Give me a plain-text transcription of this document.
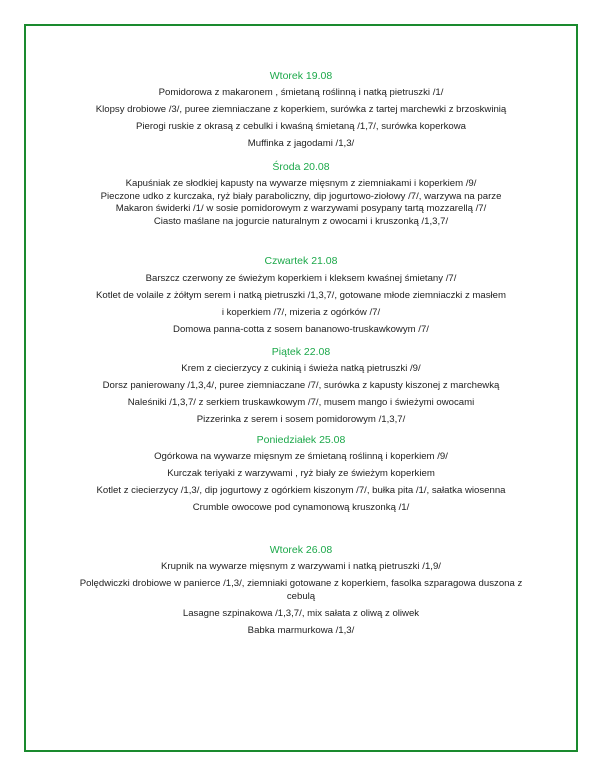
Wtorek 19.08
Pomidorowa z makaronem , śmietaną roślinną i natką pietruszki /1/
Klopsy drobiowe /3/, puree ziemniaczane z koperkiem, surówka z tartej marchewki z brzoskwinią
Pierogi ruskie z okrasą z cebulki i kwaśną śmietaną /1,7/, surówka koperkowa
Muffinka z jagodami /1,3/
Środa 20.08
Kapuśniak ze słodkiej kapusty na wywarze mięsnym z ziemniakami i koperkiem /9/
Pieczone udko z kurczaka, ryż biały paraboliczny, dip jogurtowo-ziołowy /7/, warzywa na parze
Makaron świderki /1/ w sosie pomidorowym z warzywami posypany tartą mozzarellą /7/
Ciasto maślane na jogurcie naturalnym z owocami i kruszonką /1,3,7/
Czwartek 21.08
Barszcz czerwony ze świeżym koperkiem i kleksem kwaśnej śmietany /7/
Kotlet de volaile z żółtym serem i natką pietruszki /1,3,7/, gotowane młode ziemniaczki z masłem
i koperkiem /7/, mizeria z ogórków /7/
Domowa panna-cotta z sosem bananowo-truskawkowym /7/
Piątek 22.08
Krem z ciecierzycy z cukinią i świeża natką pietruszki /9/
Dorsz panierowany /1,3,4/, puree ziemniaczane /7/, surówka z kapusty kiszonej z marchewką
Naleśniki /1,3,7/ z serkiem truskawkowym /7/, musem mango i świeżymi owocami
Pizzerinka z serem i sosem pomidorowym /1,3,7/
Poniedziałek 25.08
Ogórkowa na wywarze mięsnym ze śmietaną roślinną i koperkiem /9/
Kurczak teriyaki z warzywami , ryż biały ze świeżym koperkiem
Kotlet z ciecierzycy /1,3/, dip jogurtowy z ogórkiem kiszonym /7/, bułka pita /1/, sałatka wiosenna
Crumble owocowe pod cynamonową kruszonką /1/
Wtorek 26.08
Krupnik na wywarze mięsnym z warzywami i natką pietruszki /1,9/
Polędwiczki drobiowe w panierce /1,3/, ziemniaki gotowane z koperkiem, fasolka szparagowa duszona z cebulą
Lasagne szpinakowa /1,3,7/, mix sałata z oliwą z oliwek
Babka marmurkowa /1,3/
